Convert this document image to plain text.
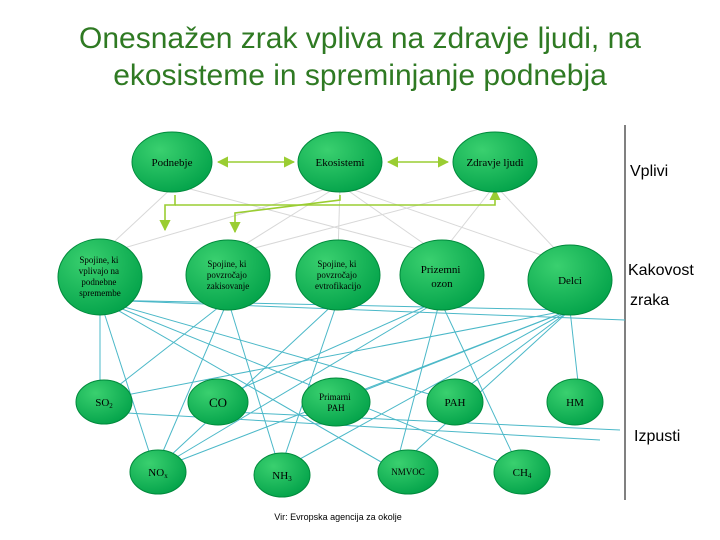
Onesnažen zrak vpliva na zdravje ljudi, na
ekosisteme in spreminjanje podnebja
Podnebje	Ekosistemi	Zdravje ljudi
Spojine, ki vplivajo na podnebne spremembe
Spojine, ki povzročajo zakisovanje
Spojine, ki povzročajo evtrofikacijo
Prizemni ozon	Delci
SO2	CO	Primarni PAH	PAH	HM
NOx	NH3
NMVOC	CH4
Vplivi
Kakovost
zraka
Izpusti
Vir: Evropska agencija za okolje
